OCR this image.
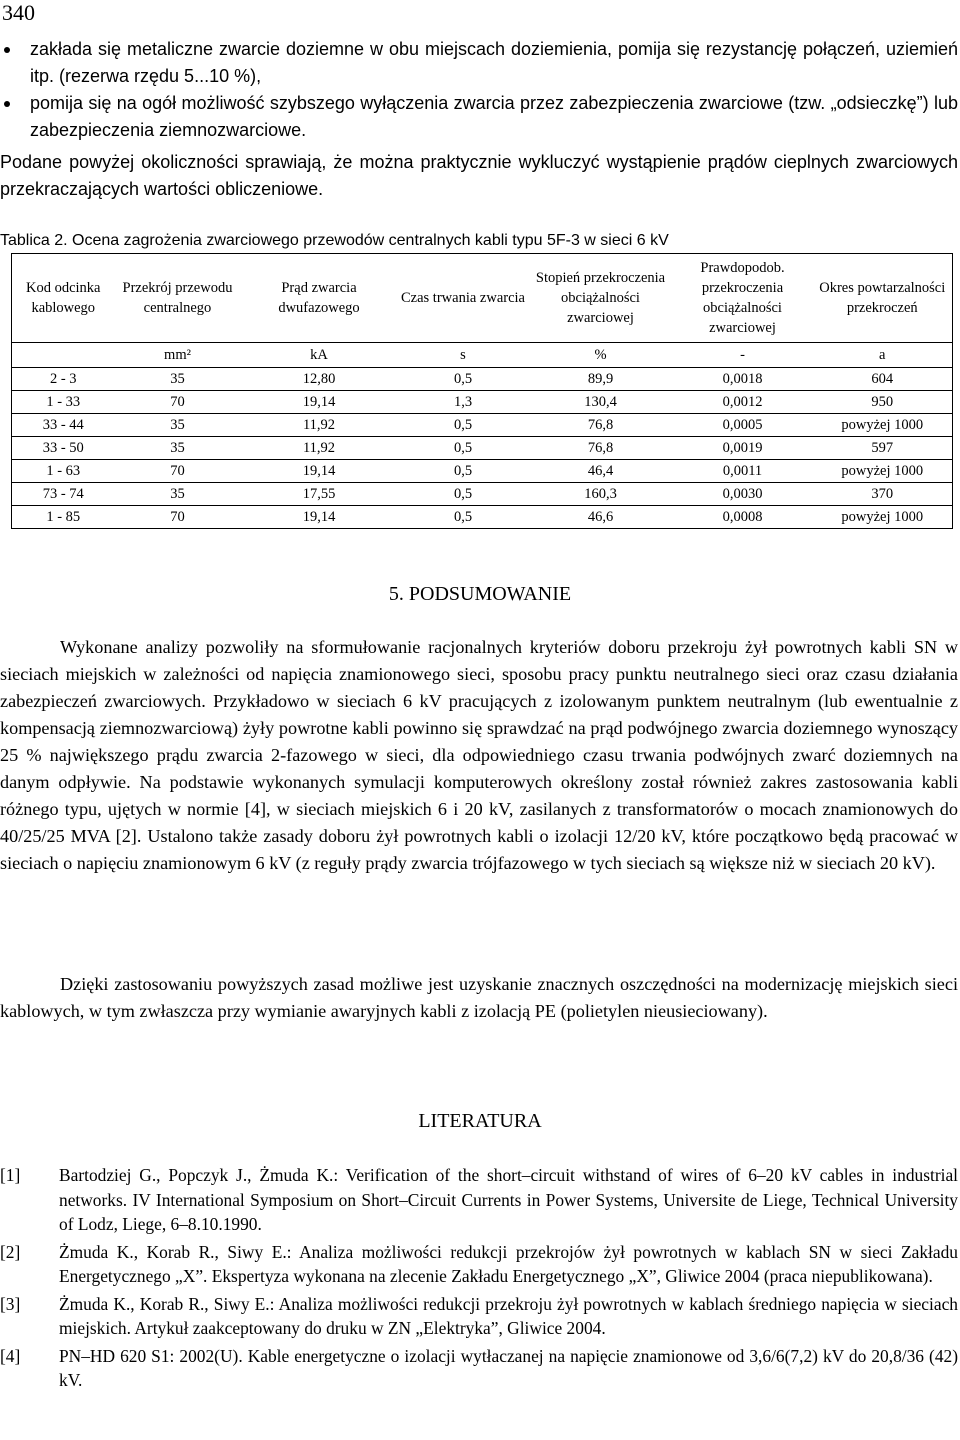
340
zakłada się metaliczne zwarcie doziemne w obu miejscach doziemienia, pomija się rezystancję połączeń, uziemień itp. (rezerwa rzędu 5...10 %),
pomija się na ogół możliwość szybszego wyłączenia zwarcia przez zabezpieczenia zwarciowe (tzw. „odsieczkę”) lub zabezpieczenia ziemnozwarciowe.

Podane powyżej okoliczności sprawiają, że można praktycznie wykluczyć wystąpienie prądów cieplnych zwarciowych przekraczających wartości obliczeniowe.

Tablica 2. Ocena zagrożenia zwarciowego przewodów centralnych kabli typu 5F-3 w sieci 6 kV
Kod odcinka kablowego	Przekrój przewodu centralnego	Prąd zwarcia dwufazowego	Czas trwania zwarcia	Stopień przekroczenia obciążalności zwarciowej	Prawdopodob. przekroczenia obciążalności zwarciowej	Okres powtarzalności przekroczeń
	mm²	kA	s	%	-	a
2 - 3	35	12,80	0,5	89,9	0,0018	604
1 - 33	70	19,14	1,3	130,4	0,0012	950
33 - 44	35	11,92	0,5	76,8	0,0005	powyżej 1000
33 - 50	35	11,92	0,5	76,8	0,0019	597
1 - 63	70	19,14	0,5	46,4	0,0011	powyżej 1000
73 - 74	35	17,55	0,5	160,3	0,0030	370
1 - 85	70	19,14	0,5	46,6	0,0008	powyżej 1000
5. PODSUMOWANIE

Wykonane analizy pozwoliły na sformułowanie racjonalnych kryteriów doboru przekroju żył powrotnych kabli SN w sieciach miejskich w zależności od napięcia znamionowego sieci, sposobu pracy punktu neutralnego sieci oraz czasu działania zabezpieczeń zwarciowych. Przykładowo w sieciach 6 kV pracujących z izolowanym punktem neutralnym (lub ewentualnie z kompensacją ziemnozwarciową) żyły powrotne kabli powinno się sprawdzać na prąd podwójnego zwarcia doziemnego wynoszący 25 % największego prądu zwarcia 2-fazowego w sieci, dla odpowiedniego czasu trwania podwójnych zwarć doziemnych na danym odpływie. Na podstawie wykonanych symulacji komputerowych określony został również zakres zastosowania kabli różnego typu, ujętych w normie [4], w sieciach miejskich 6 i 20 kV, zasilanych z transformatorów o mocach znamionowych do 40/25/25 MVA [2]. Ustalono także zasady doboru żył powrotnych kabli o izolacji 12/20 kV, które początkowo będą pracować w sieciach o napięciu znamionowym 6 kV (z reguły prądy zwarcia trójfazowego w tych sieciach są większe niż w sieciach 20 kV).

Dzięki zastosowaniu powyższych zasad możliwe jest uzyskanie znacznych oszczędności na modernizację miejskich sieci kablowych, w tym zwłaszcza przy wymianie awaryjnych kabli z izolacją PE (polietylen nieusieciowany).

LITERATURA
[1] Bartodziej G., Popczyk J., Żmuda K.: Verification of the short–circuit withstand of wires of 6–20 kV cables in industrial networks. IV International Symposium on Short–Circuit Currents in Power Systems, Universite de Liege, Technical University of Lodz, Liege, 6–8.10.1990.
[2] Żmuda K., Korab R., Siwy E.: Analiza możliwości redukcji przekrojów żył powrotnych w kablach SN w sieci Zakładu Energetycznego „X”. Ekspertyza wykonana na zlecenie Zakładu Energetycznego „X”, Gliwice 2004 (praca niepublikowana).
[3] Żmuda K., Korab R., Siwy E.: Analiza możliwości redukcji przekroju żył powrotnych w kablach średniego napięcia w sieciach miejskich. Artykuł zaakceptowany do druku w ZN „Elektryka”, Gliwice 2004.
[4] PN–HD 620 S1: 2002(U). Kable energetyczne o izolacji wytłaczanej na napięcie znamionowe od 3,6/6(7,2) kV do 20,8/36 (42) kV.
